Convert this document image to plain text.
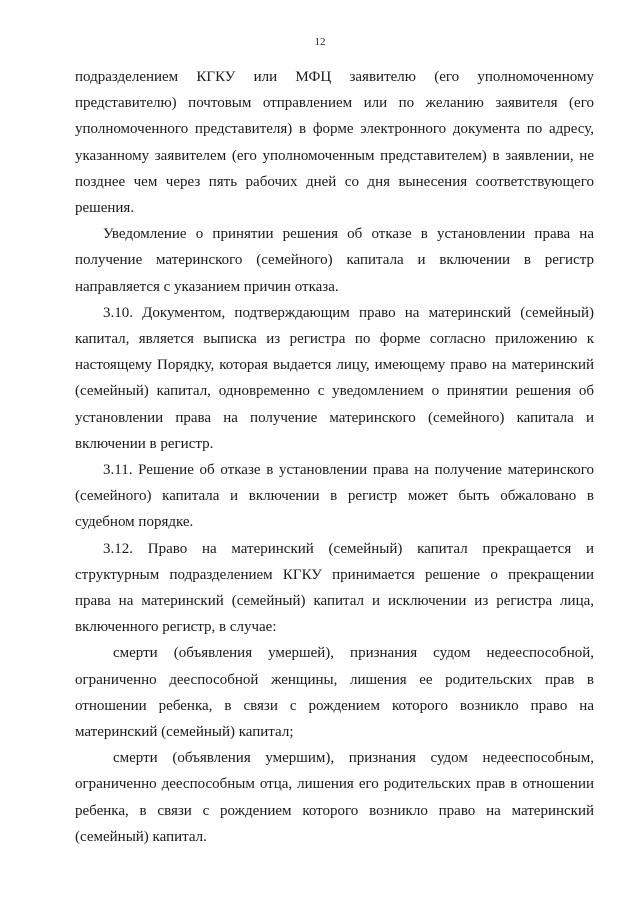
12

подразделением КГКУ или МФЦ заявителю (его уполномоченному представителю) почтовым отправлением или по желанию заявителя (его уполномоченного представителя) в форме электронного документа по адресу, указанному заявителем (его уполномоченным представителем) в заявлении, не позднее чем через пять рабочих дней со дня вынесения соответствующего решения.

Уведомление о принятии решения об отказе в установлении права на получение материнского (семейного) капитала и включении в регистр направляется с указанием причин отказа.

3.10. Документом, подтверждающим право на материнский (семейный) капитал, является выписка из регистра по форме согласно приложению к настоящему Порядку, которая выдается лицу, имеющему право на материнский (семейный) капитал, одновременно с уведомлением о принятии решения об установлении права на получение материнского (семейного) капитала и включении в регистр.

3.11. Решение об отказе в установлении права на получение материнского (семейного) капитала и включении в регистр может быть обжаловано в судебном порядке.

3.12. Право на материнский (семейный) капитал прекращается и структурным подразделением КГКУ принимается решение о прекращении права на материнский (семейный) капитал и исключении из регистра лица, включенного регистр, в случае:

смерти (объявления умершей), признания судом недееспособной, ограниченно дееспособной женщины, лишения ее родительских прав в отношении ребенка, в связи с рождением которого возникло право на материнский (семейный) капитал;

смерти (объявления умершим), признания судом недееспособным, ограниченно дееспособным отца, лишения его родительских прав в отношении ребенка, в связи с рождением которого возникло право на материнский (семейный) капитал.
